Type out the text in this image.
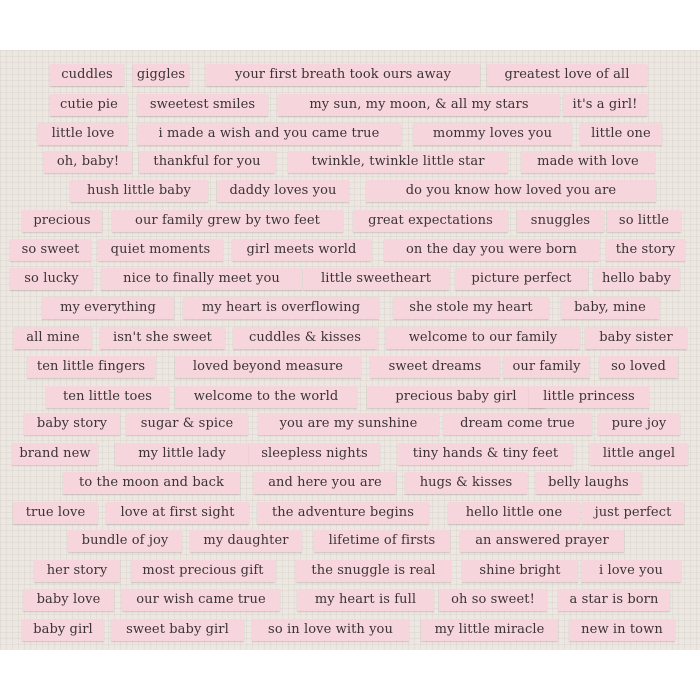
cuddles	giggles	your first breath took ours away	greatest love of all
cutie pie	sweetest smiles	my sun, my moon, & all my stars	it's a girl!
little love	i made a wish and you came true	mommy loves you	little one
oh, baby!	thankful for you	twinkle, twinkle little star	made with love
hush little baby	daddy loves you	do you know how loved you are
precious	our family grew by two feet	great expectations	snuggles	so little
so sweet	quiet moments	girl meets world	on the day you were born	the story
so lucky	nice to finally meet you	little sweetheart	picture perfect	hello baby
my everything	my heart is overflowing	she stole my heart	baby, mine
all mine	isn't she sweet	cuddles & kisses	welcome to our family	baby sister
ten little fingers	loved beyond measure	sweet dreams	our family	so loved
ten little toes	welcome to the world	precious baby girl	little princess
baby story	sugar & spice	you are my sunshine	dream come true	pure joy
brand new	my little lady	sleepless nights	tiny hands & tiny feet	little angel
to the moon and back	and here you are	hugs & kisses	belly laughs
true love	love at first sight	the adventure begins	hello little one	just perfect
bundle of joy	my daughter	lifetime of firsts	an answered prayer
her story	most precious gift	the snuggle is real	shine bright	i love you
baby love	our wish came true	my heart is full	oh so sweet!	a star is born
baby girl	sweet baby girl	so in love with you	my little miracle	new in town
